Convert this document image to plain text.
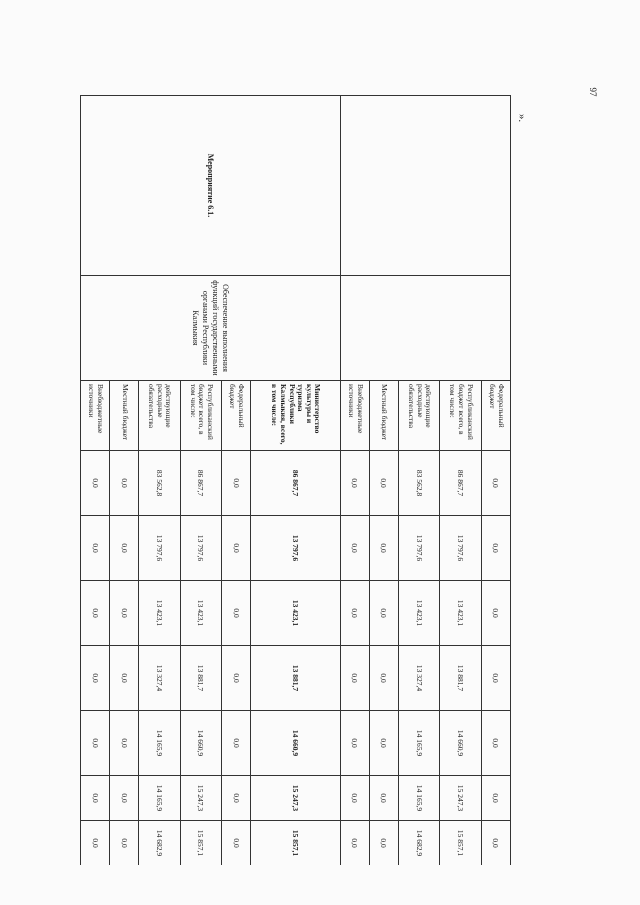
97
».
		Федеральный бюджет	0,0	0,0	0,0	0,0	0,0	0,0	0,0
		Республиканский бюджет всего, в том числе:	86 867,7	13 797,6	13 423,1	13 881,7	14 660,9	15 247,3	15 857,1
		действующие расходные обязательства	83 562,8	13 797,6	13 423,1	13 327,4	14 165,9	14 165,9	14 682,9
		Местный бюджет	0,0	0,0	0,0	0,0	0,0	0,0	0,0
		Внебюджетные источники	0,0	0,0	0,0	0,0	0,0	0,0	0,0
Мероприятие 6.1.	Обеспечение выполнения функций государственными органами Республики Калмыкия	Министерство культуры и туризма Республики Калмыкия, всего, в том числе:	86 867,7	13 797,6	13 423,1	13 881,7	14 660,9	15 247,3	15 857,1
		Федеральный бюджет	0,0	0,0	0,0	0,0	0,0	0,0	0,0
		Республиканский бюджет всего, в том числе:	86 867,7	13 797,6	13 423,1	13 881,7	14 660,9	15 247,3	15 857,1
		действующие расходные обязательства	83 562,8	13 797,6	13 423,1	13 327,4	14 165,9	14 165,9	14 682,9
		Местный бюджет	0,0	0,0	0,0	0,0	0,0	0,0	0,0
		Внебюджетные источники	0,0	0,0	0,0	0,0	0,0	0,0	0,0
